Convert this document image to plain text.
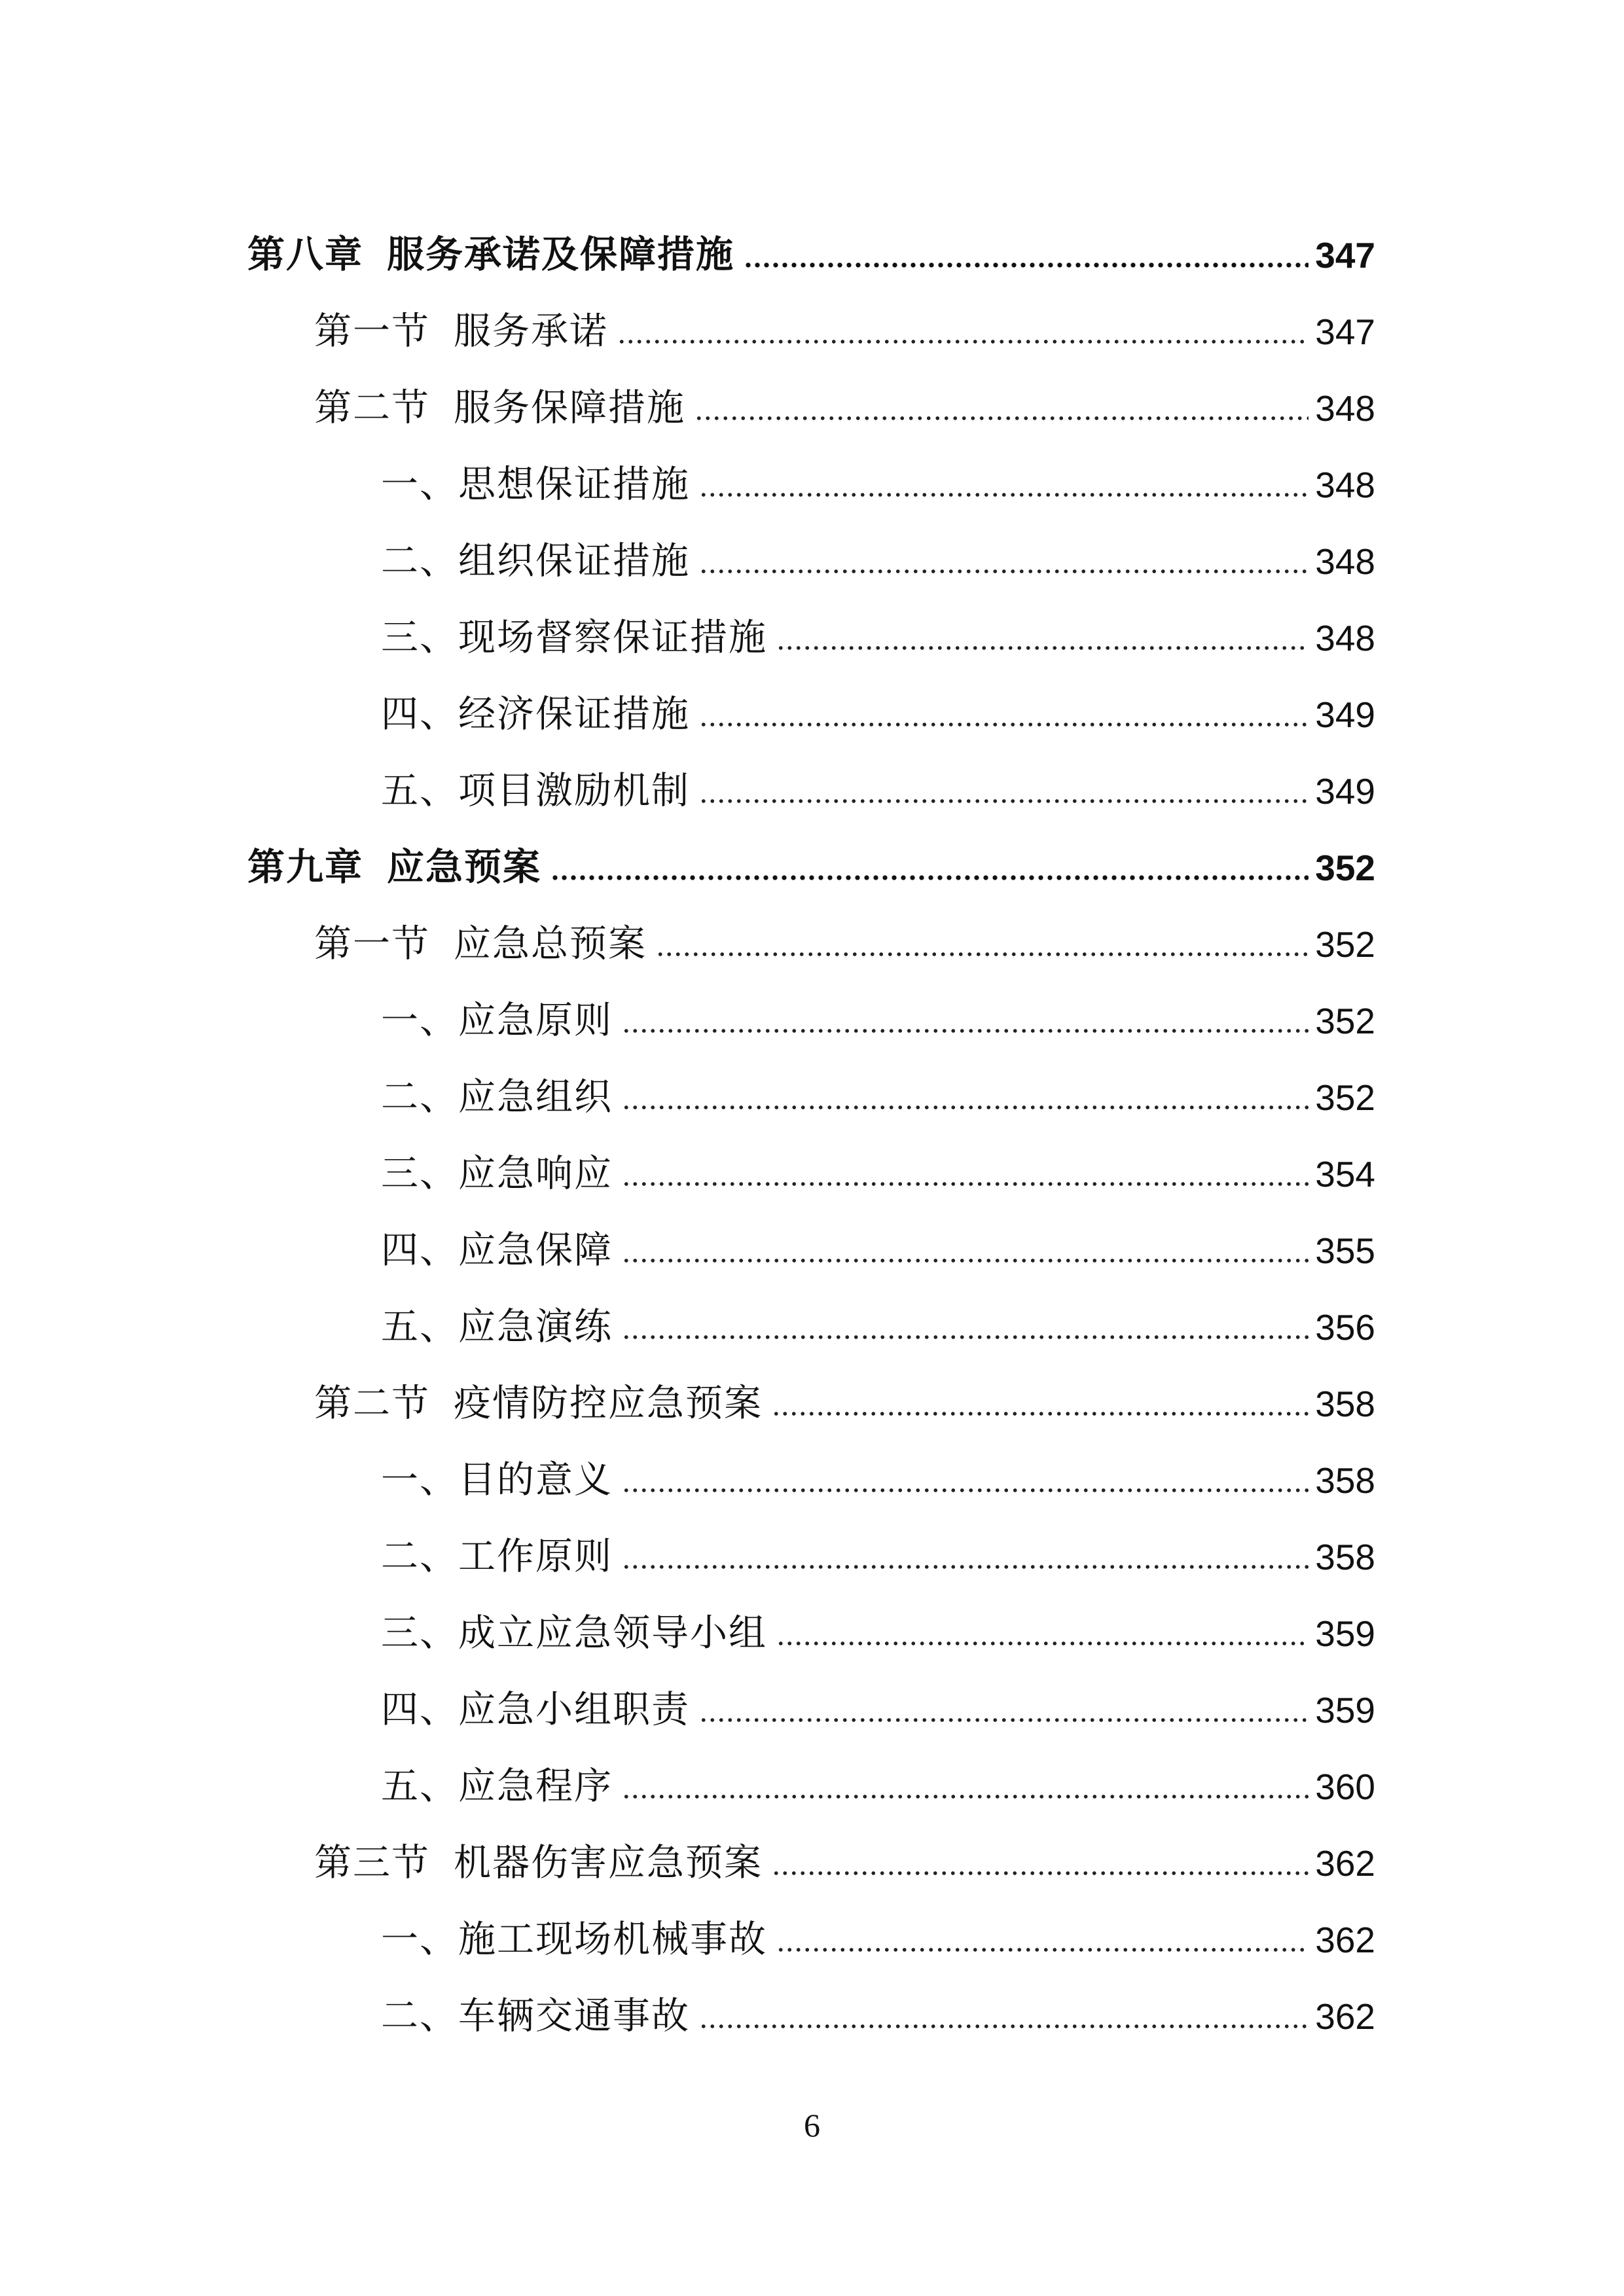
第八章 服务承诺及保障措施	347
第一节 服务承诺	347
第二节 服务保障措施	348
一、思想保证措施	348
二、组织保证措施	348
三、现场督察保证措施	348
四、经济保证措施	349
五、项目激励机制	349
第九章 应急预案	352
第一节 应急总预案	352
一、应急原则	352
二、应急组织	352
三、应急响应	354
四、应急保障	355
五、应急演练	356
第二节 疫情防控应急预案	358
一、目的意义	358
二、工作原则	358
三、成立应急领导小组	359
四、应急小组职责	359
五、应急程序	360
第三节 机器伤害应急预案	362
一、施工现场机械事故	362
二、车辆交通事故	362
6
